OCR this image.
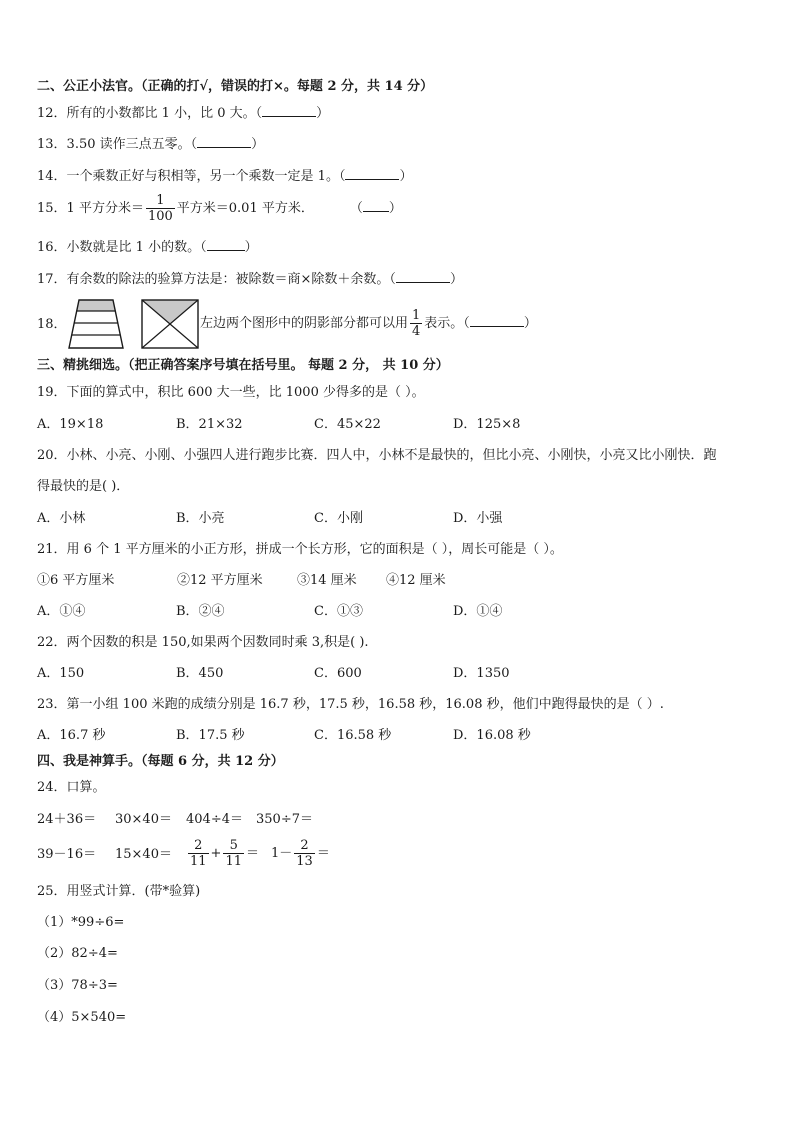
二、公正小法官。（正确的打√，错误的打×。每题 2 分，共 14 分）
12．所有的小数都比 1 小，比 0 大。（	）
13．3.50 读作三点五零。（	）
14．一个乘数正好与积相等，另一个乘数一定是 1。（	）
15．1 平方分米＝ $\frac{1}{100}$ 平方米＝0.01 平方米．	（ ）
16．小数就是比 1 小的数。（	）
17．有余数的除法的验算方法是：被除数＝商×除数＋余数。（	）
18．	左边两个图形中的阴影部分都可以用 $\frac{1}{4}$ 表示。（	）
三、精挑细选。（把正确答案序号填在括号里。 每题 2 分， 共 10 分）
19．下面的算式中，积比 600 大一些，比 1000 少得多的是（ ）。
A．19×18	B．21×32	C．45×22	D．125×8
20．小林、小亮、小刚、小强四人进行跑步比赛．四人中，小林不是最快的，但比小亮、小刚快，小亮又比小刚快．跑
得最快的是( )．
A．小林	B．小亮	C．小刚	D．小强
21．用 6 个 1 平方厘米的小正方形，拼成一个长方形，它的面积是（ ），周长可能是（ ）。
①6 平方厘米	②12 平方厘米	③14 厘米 ④12 厘米
A．①④	B．②④	C．①③	D．①④
22．两个因数的积是 150,如果两个因数同时乘 3,积是( ).
A．150	B．450	C．600	D．1350
23．第一小组 100 米跑的成绩分别是 16.7 秒，17.5 秒，16.58 秒，16.08 秒，他们中跑得最快的是（ ）.
A．16.7 秒	B．17.5 秒	C．16.58 秒	D．16.08 秒
四、我是神算手。（每题 6 分，共 12 分）
24．口算。
24＋36＝ 30×40＝ 404÷4＝ 350÷7＝
$39-16= 15\times 40= \frac{2}{11} + \frac{5}{11} = 1- \frac{2}{13}$ ＝
25．用竖式计算．(带*验算)
（1）*99÷6=
（2）82÷4=
（3）78÷3=
（4）5×540=
